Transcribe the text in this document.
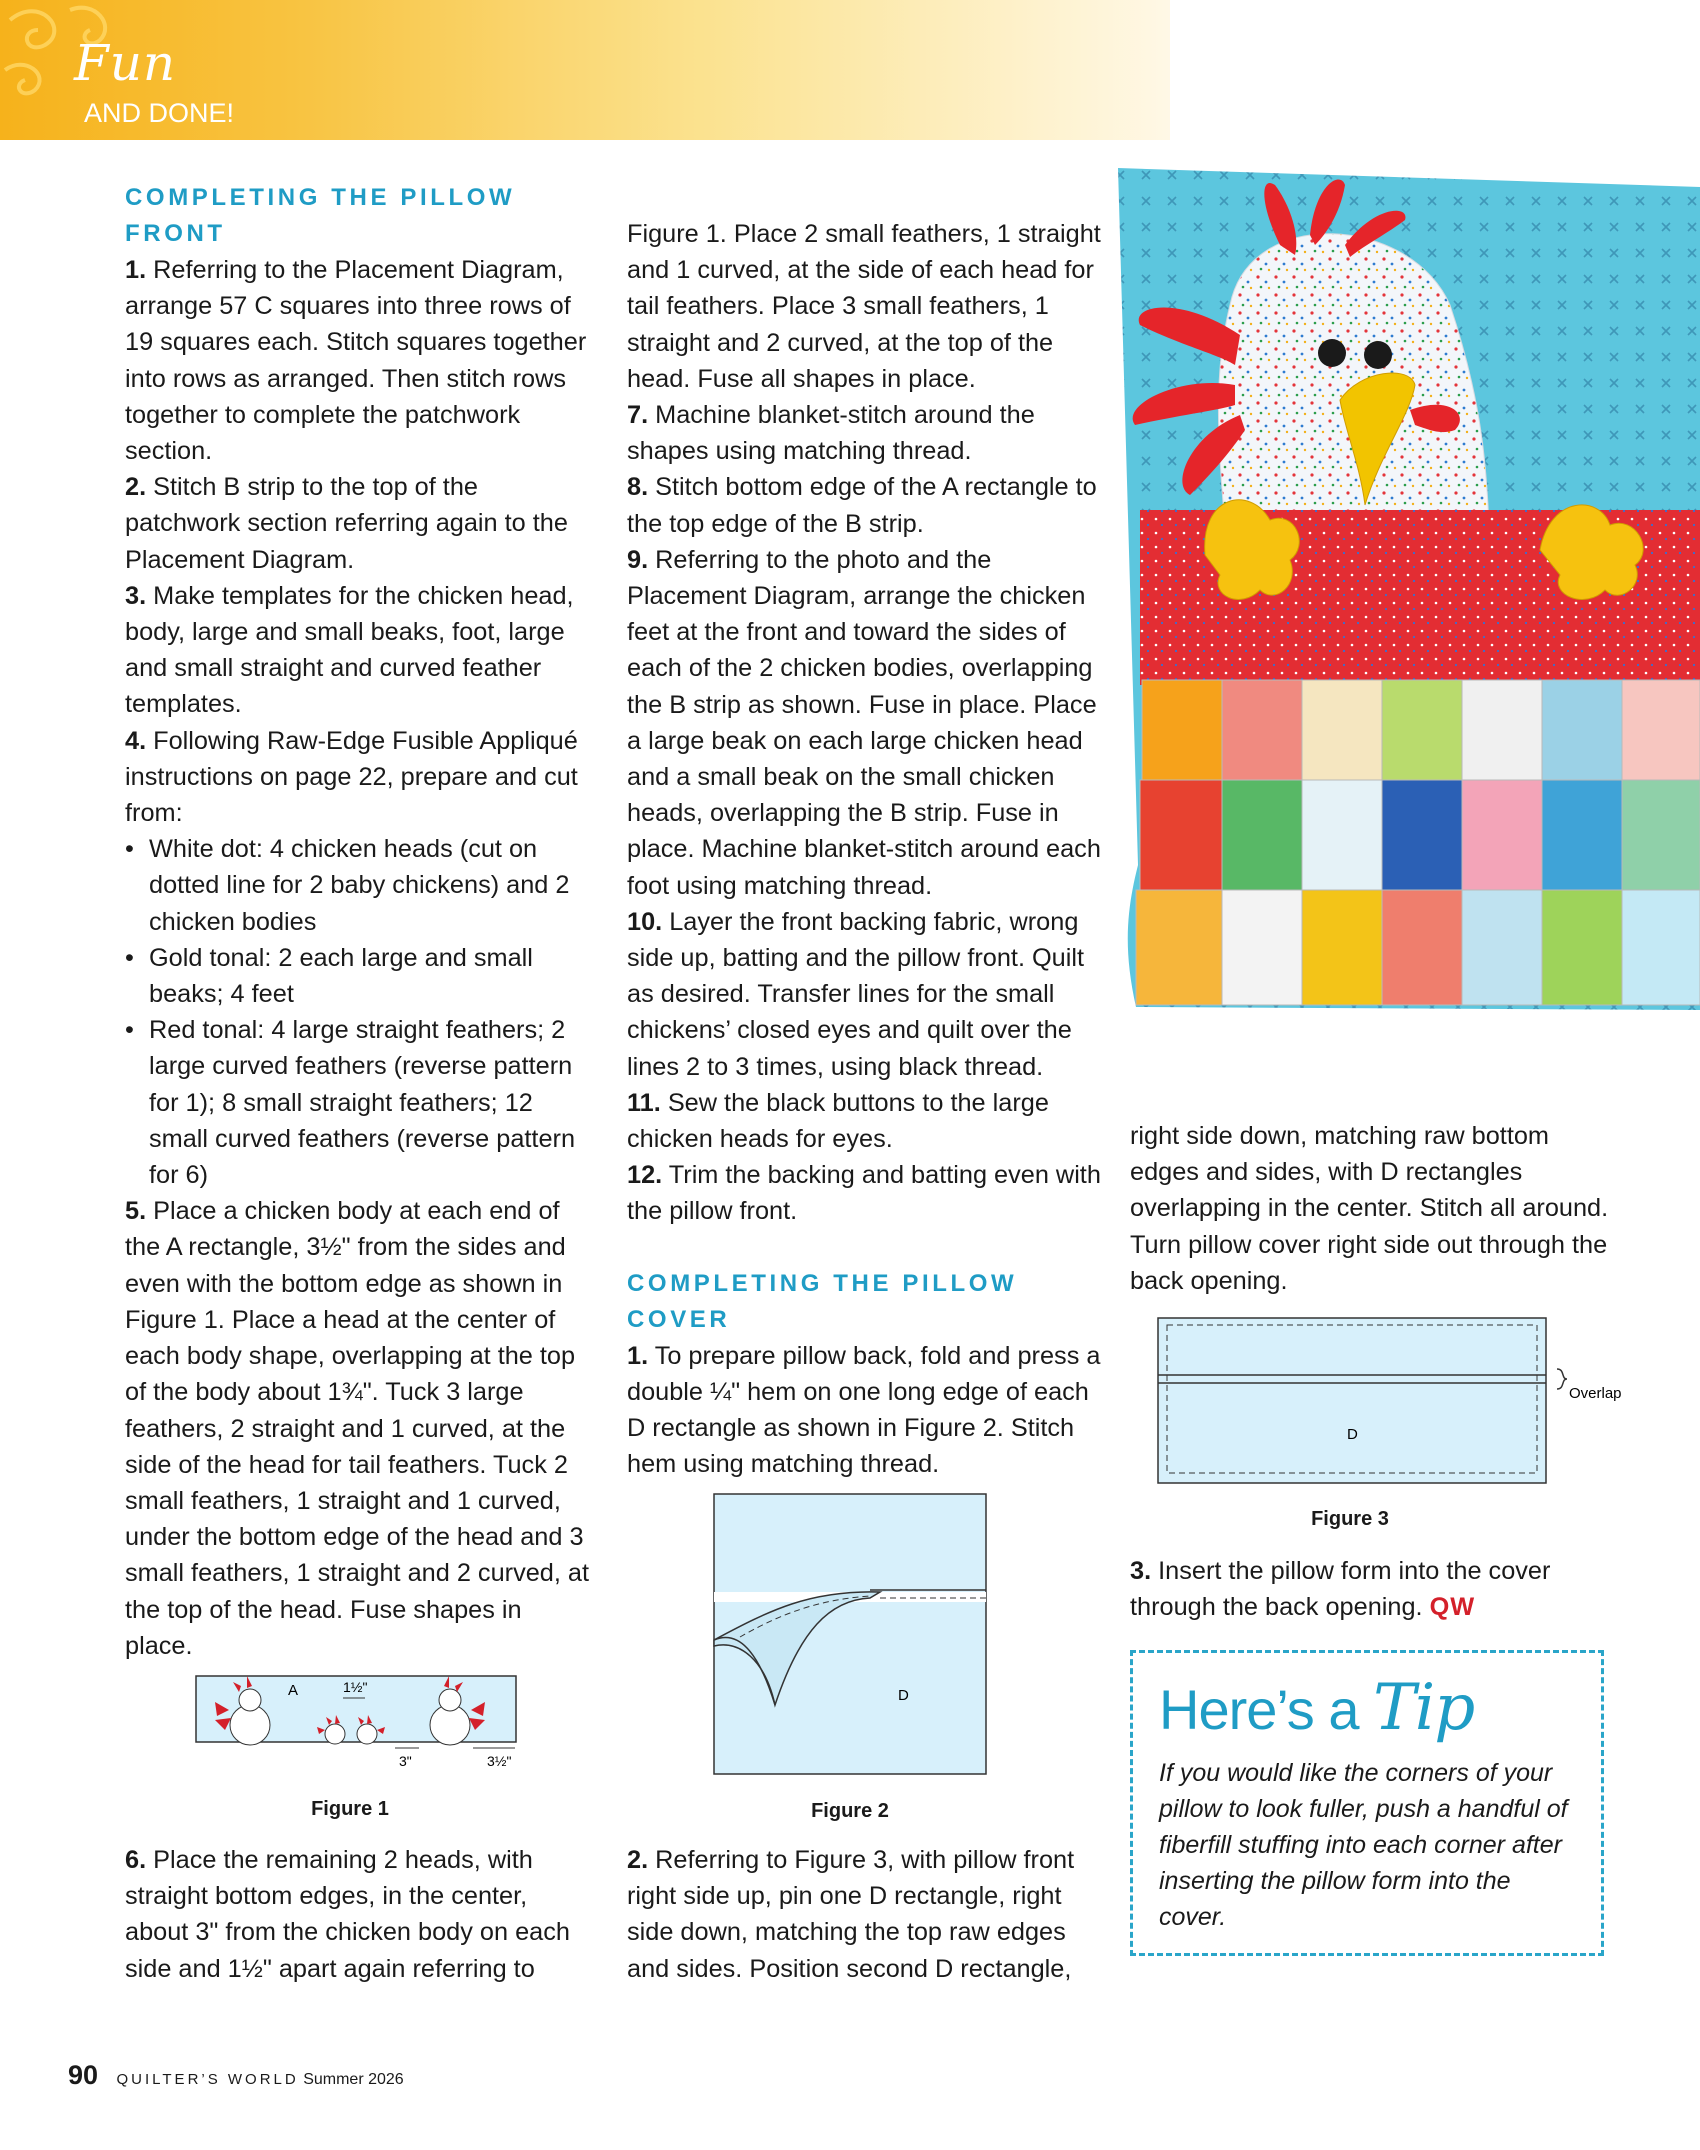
Fun
AND DONE!

COMPLETING THE PILLOW
FRONT

1. Referring to the Placement Diagram, arrange 57 C squares into three rows of 19 squares each. Stitch squares together into rows as arranged. Then stitch rows together to complete the patchwork section.

2. Stitch B strip to the top of the patchwork section referring again to the Placement Diagram.

3. Make templates for the chicken head, body, large and small beaks, foot, large and small straight and curved feather templates.

4. Following Raw-Edge Fusible Appliqué instructions on page 22, prepare and cut from:

• White dot: 4 chicken heads (cut on dotted line for 2 baby chickens) and 2 chicken bodies
• Gold tonal: 2 each large and small beaks; 4 feet
• Red tonal: 4 large straight feathers; 2 large curved feathers (reverse pattern for 1); 8 small straight feathers; 12 small curved feathers (reverse pattern for 6)

5. Place a chicken body at each end of the A rectangle, 3½" from the sides and even with the bottom edge as shown in Figure 1. Place a head at the center of each body shape, overlapping at the top of the body about 1¾". Tuck 3 large feathers, 2 straight and 1 curved, at the side of the head for tail feathers. Tuck 2 small feathers, 1 straight and 1 curved, under the bottom edge of the head and 3 small feathers, 1 straight and 2 curved, at the top of the head. Fuse shapes in place.

A	1½"
3"	3½"
Figure 1

6. Place the remaining 2 heads, with straight bottom edges, in the center, about 3" from the chicken body on each side and 1½" apart again referring to

Figure 1. Place 2 small feathers, 1 straight and 1 curved, at the side of each head for tail feathers. Place 3 small feathers, 1 straight and 2 curved, at the top of the head. Fuse all shapes in place.

7. Machine blanket-stitch around the shapes using matching thread.

8. Stitch bottom edge of the A rectangle to the top edge of the B strip.

9. Referring to the photo and the Placement Diagram, arrange the chicken feet at the front and toward the sides of each of the 2 chicken bodies, overlapping the B strip as shown. Fuse in place. Place a large beak on each large chicken head and a small beak on the small chicken heads, overlapping the B strip. Fuse in place. Machine blanket-stitch around each foot using matching thread.

10. Layer the front backing fabric, wrong side up, batting and the pillow front. Quilt as desired. Transfer lines for the small chickens’ closed eyes and quilt over the lines 2 to 3 times, using black thread.

11. Sew the black buttons to the large chicken heads for eyes.

12. Trim the backing and batting even with the pillow front.

COMPLETING THE PILLOW
COVER

1. To prepare pillow back, fold and press a double ¼" hem on one long edge of each D rectangle as shown in Figure 2. Stitch hem using matching thread.

D
Figure 2

2. Referring to Figure 3, with pillow front right side up, pin one D rectangle, right side down, matching the top raw edges and sides. Position second D rectangle,

right side down, matching raw bottom edges and sides, with D rectangles overlapping in the center. Stitch all around. Turn pillow cover right side out through the back opening.

Overlap
D
Figure 3

3. Insert the pillow form into the cover through the back opening. QW

Here’s a Tip
If you would like the corners of your pillow to look fuller, push a handful of fiberfill stuffing into each corner after inserting the pillow form into the cover.
90 QUILTER’S WORLD Summer 2026
